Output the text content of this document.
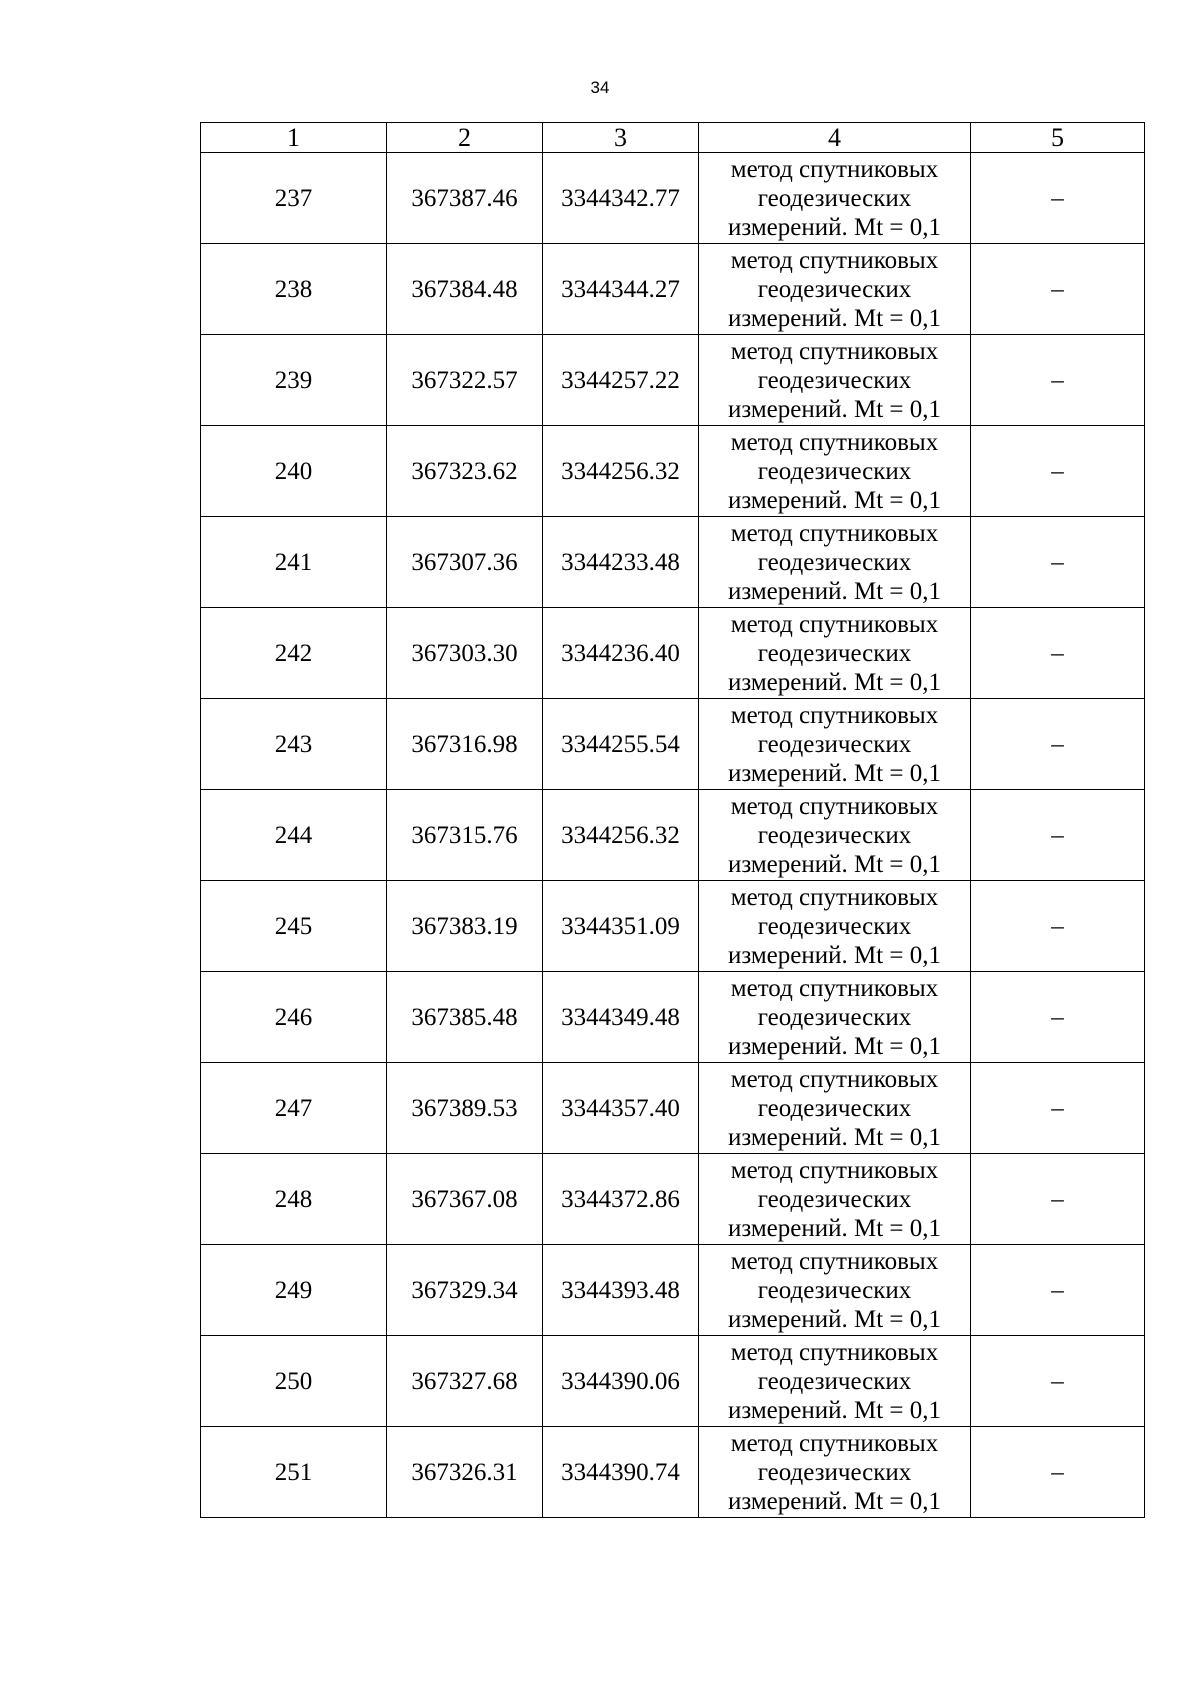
34
1	2	3	4	5
237	367387.46	3344342.77	метод спутниковых геодезических измерений. Mt = 0,1	–
238	367384.48	3344344.27	метод спутниковых геодезических измерений. Mt = 0,1	–
239	367322.57	3344257.22	метод спутниковых геодезических измерений. Mt = 0,1	–
240	367323.62	3344256.32	метод спутниковых геодезических измерений. Mt = 0,1	–
241	367307.36	3344233.48	метод спутниковых геодезических измерений. Mt = 0,1	–
242	367303.30	3344236.40	метод спутниковых геодезических измерений. Mt = 0,1	–
243	367316.98	3344255.54	метод спутниковых геодезических измерений. Mt = 0,1	–
244	367315.76	3344256.32	метод спутниковых геодезических измерений. Mt = 0,1	–
245	367383.19	3344351.09	метод спутниковых геодезических измерений. Mt = 0,1	–
246	367385.48	3344349.48	метод спутниковых геодезических измерений. Mt = 0,1	–
247	367389.53	3344357.40	метод спутниковых геодезических измерений. Mt = 0,1	–
248	367367.08	3344372.86	метод спутниковых геодезических измерений. Mt = 0,1	–
249	367329.34	3344393.48	метод спутниковых геодезических измерений. Mt = 0,1	–
250	367327.68	3344390.06	метод спутниковых геодезических измерений. Mt = 0,1	–
251	367326.31	3344390.74	метод спутниковых геодезических измерений. Mt = 0,1	–
